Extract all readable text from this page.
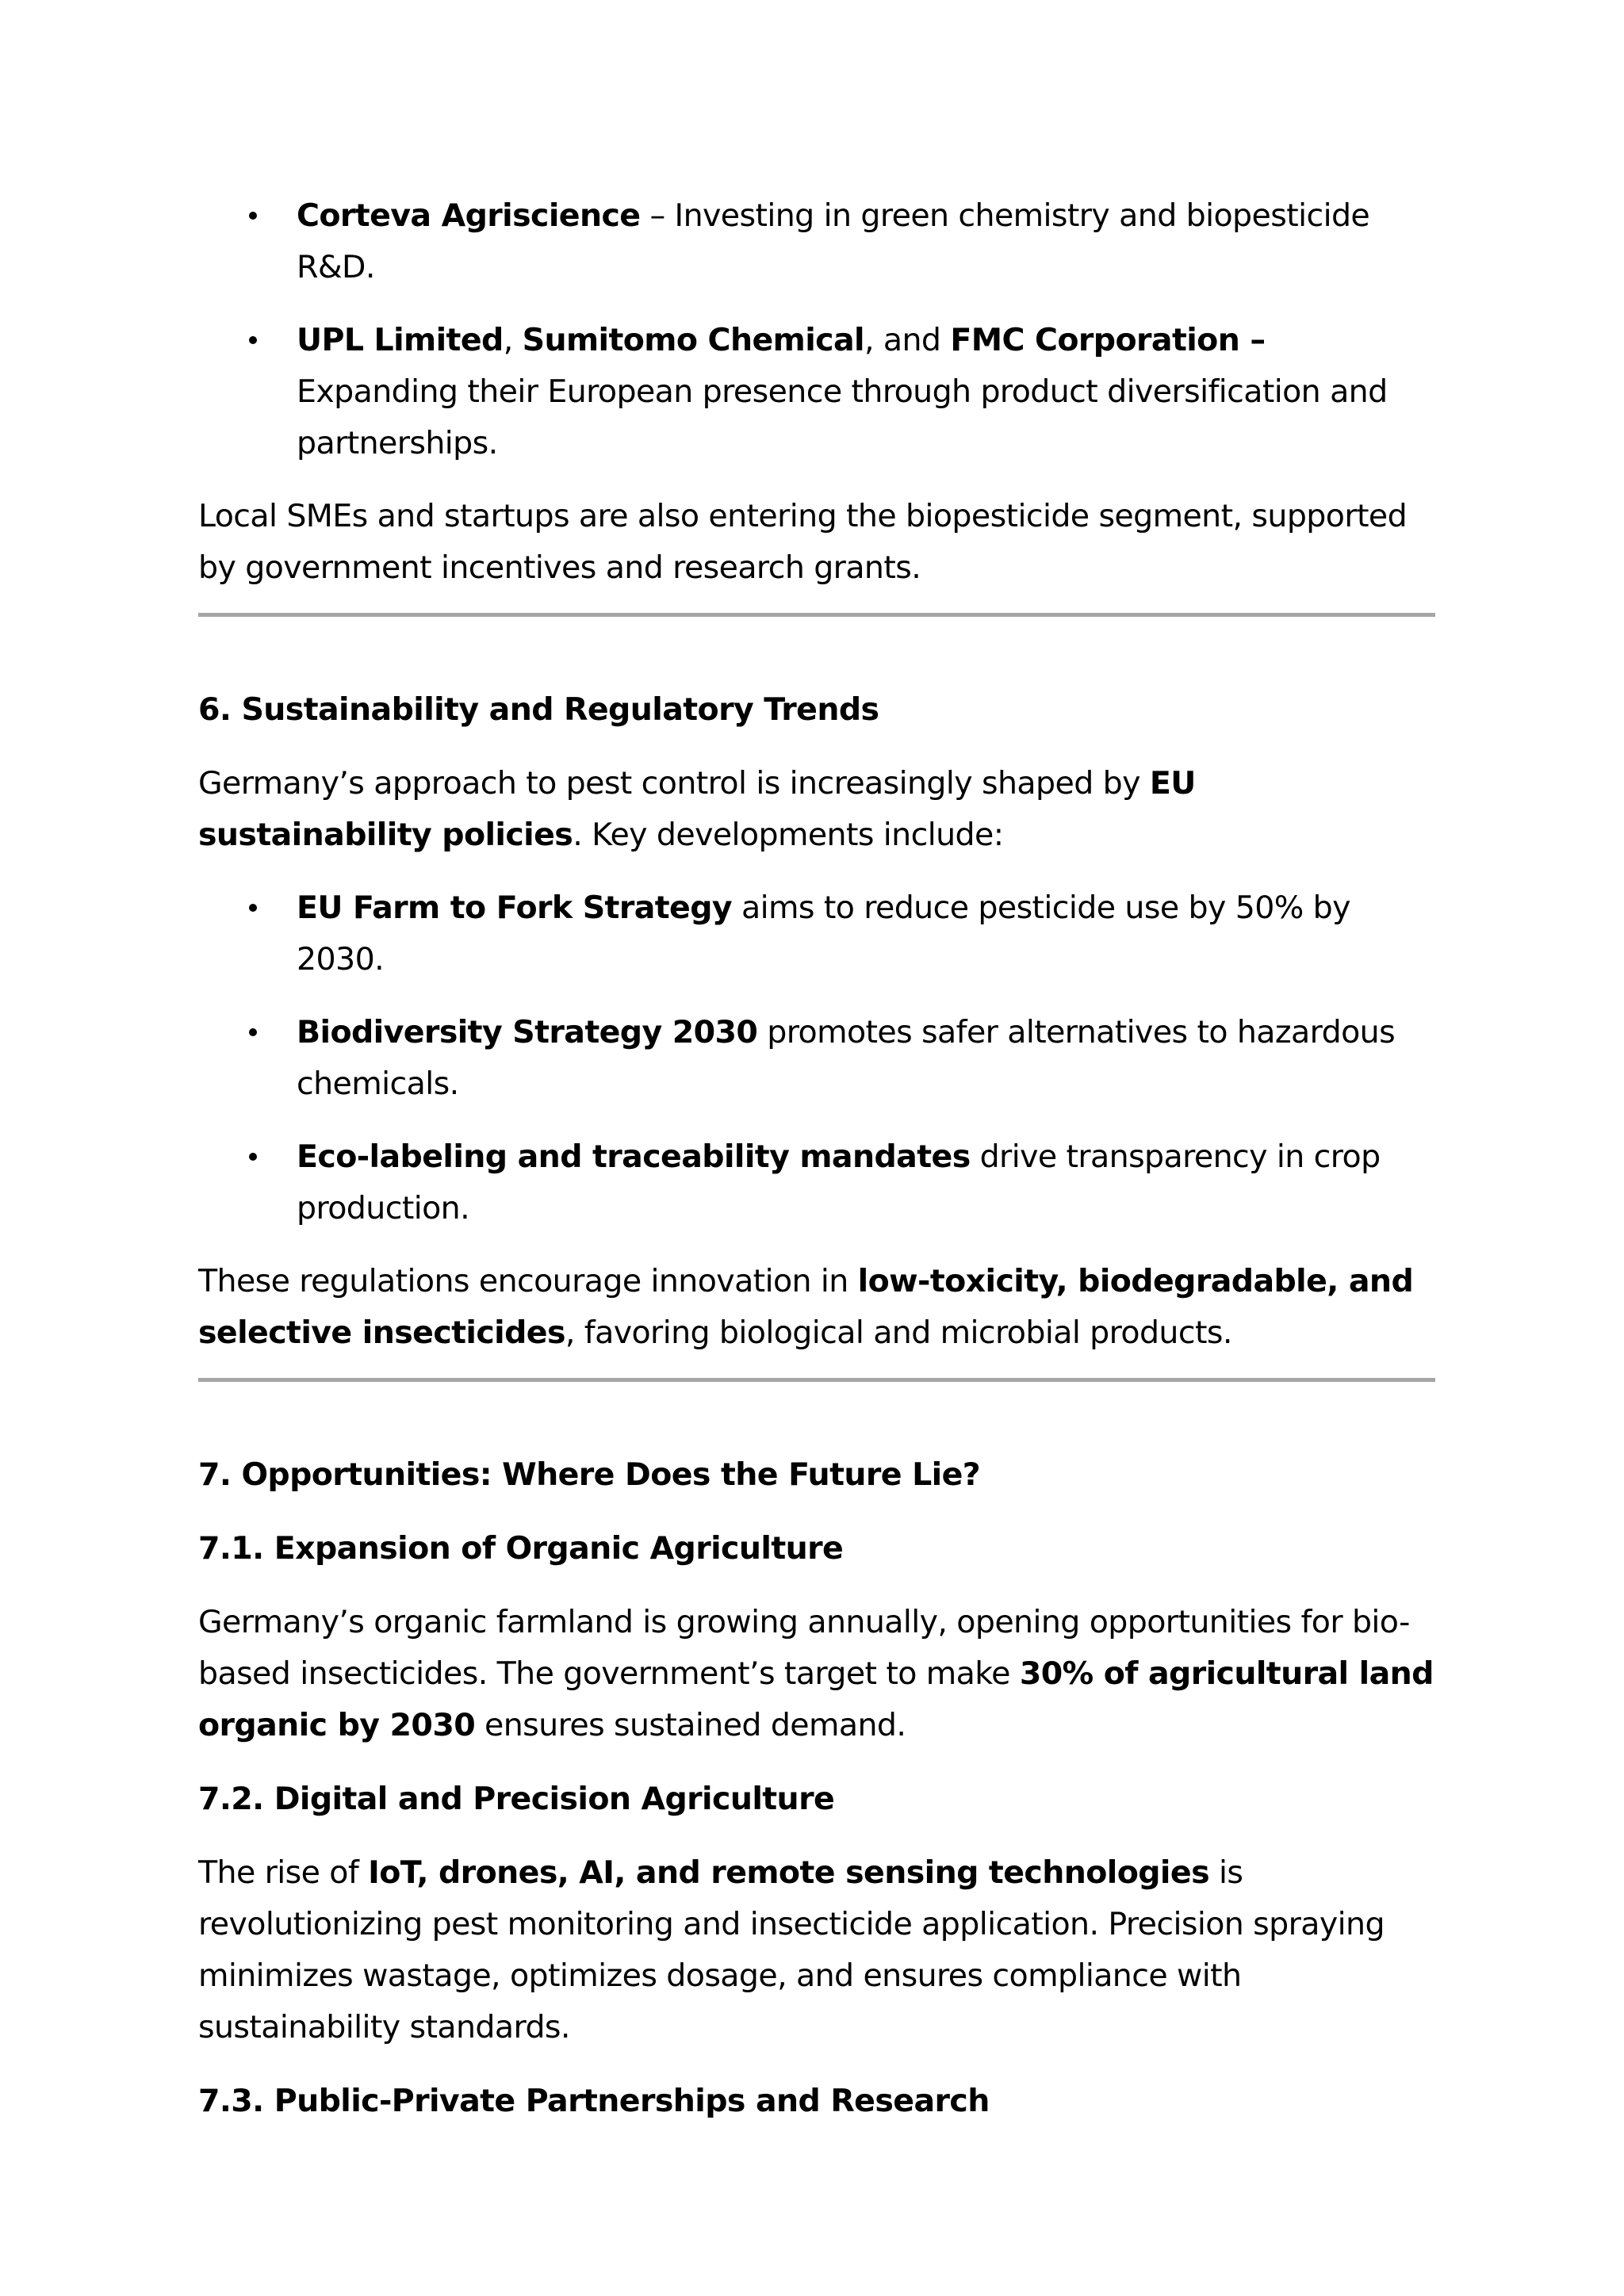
Corteva Agriscience – Investing in green chemistry and biopesticide R&D.
UPL Limited, Sumitomo Chemical, and FMC Corporation – Expanding their European presence through product diversification and partnerships.

Local SMEs and startups are also entering the biopesticide segment, supported by government incentives and research grants.

6. Sustainability and Regulatory Trends

Germany’s approach to pest control is increasingly shaped by EU sustainability policies. Key developments include:

EU Farm to Fork Strategy aims to reduce pesticide use by 50% by 2030.
Biodiversity Strategy 2030 promotes safer alternatives to hazardous chemicals.
Eco-labeling and traceability mandates drive transparency in crop production.

These regulations encourage innovation in low-toxicity, biodegradable, and selective insecticides, favoring biological and microbial products.

7. Opportunities: Where Does the Future Lie?
7.1. Expansion of Organic Agriculture

Germany’s organic farmland is growing annually, opening opportunities for bio-based insecticides. The government’s target to make 30% of agricultural land organic by 2030 ensures sustained demand.

7.2. Digital and Precision Agriculture

The rise of IoT, drones, AI, and remote sensing technologies is revolutionizing pest monitoring and insecticide application. Precision spraying minimizes wastage, optimizes dosage, and ensures compliance with sustainability standards.

7.3. Public-Private Partnerships and Research
